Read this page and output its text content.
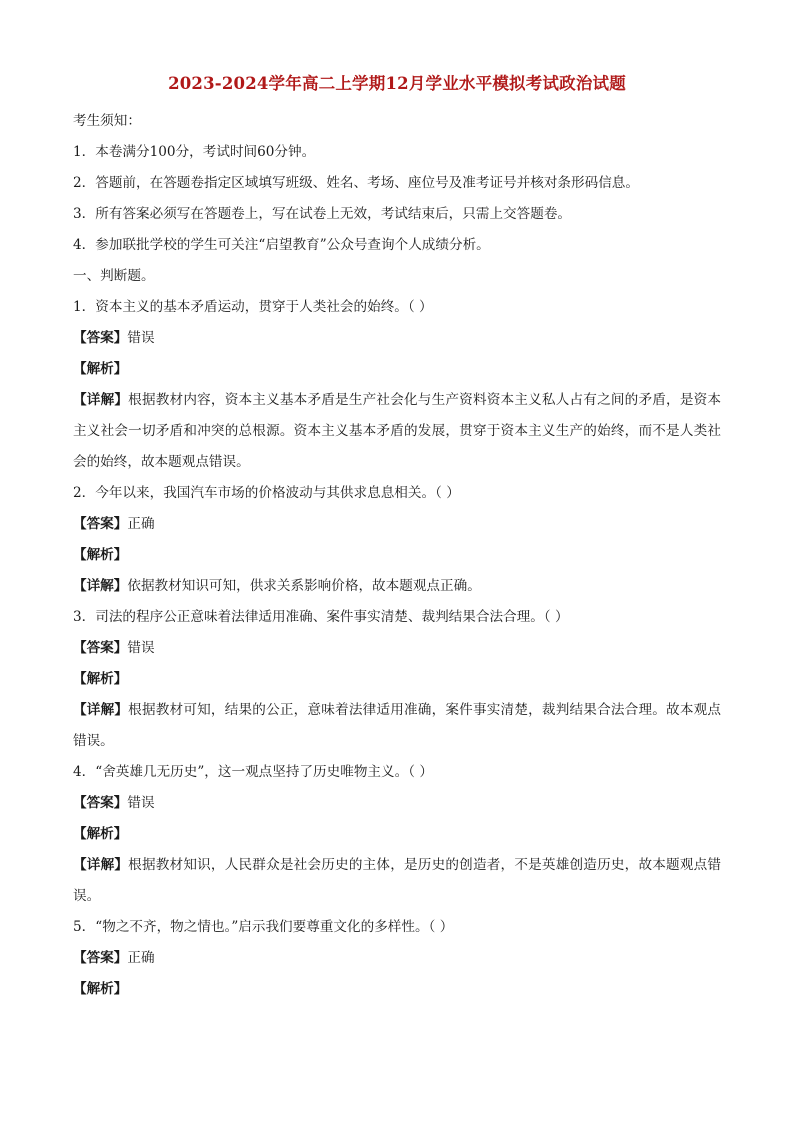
2023-2024学年高二上学期12月学业水平模拟考试政治试题
考生须知：
1．本卷满分100分，考试时间60分钟。
2．答题前，在答题卷指定区域填写班级、姓名、考场、座位号及准考证号并核对条形码信息。
3．所有答案必须写在答题卷上，写在试卷上无效，考试结束后，只需上交答题卷。
4．参加联批学校的学生可关注“启望教育”公众号查询个人成绩分析。
一、判断题。
1．资本主义的基本矛盾运动，贯穿于人类社会的始终。（ ）
【答案】错误
【解析】
【详解】根据教材内容，资本主义基本矛盾是生产社会化与生产资料资本主义私人占有之间的矛盾，是资本主义社会一切矛盾和冲突的总根源。资本主义基本矛盾的发展，贯穿于资本主义生产的始终，而不是人类社会的始终，故本题观点错误。
2．今年以来，我国汽车市场的价格波动与其供求息息相关。（ ）
【答案】正确
【解析】
【详解】依据教材知识可知，供求关系影响价格，故本题观点正确。
3．司法的程序公正意味着法律适用准确、案件事实清楚、裁判结果合法合理。（ ）
【答案】错误
【解析】
【详解】根据教材可知，结果的公正，意味着法律适用准确，案件事实清楚，裁判结果合法合理。故本观点错误。
4．“舍英雄几无历史”，这一观点坚持了历史唯物主义。（ ）
【答案】错误
【解析】
【详解】根据教材知识，人民群众是社会历史的主体，是历史的创造者，不是英雄创造历史，故本题观点错误。
5．“物之不齐，物之情也。”启示我们要尊重文化的多样性。（ ）
【答案】正确
【解析】
